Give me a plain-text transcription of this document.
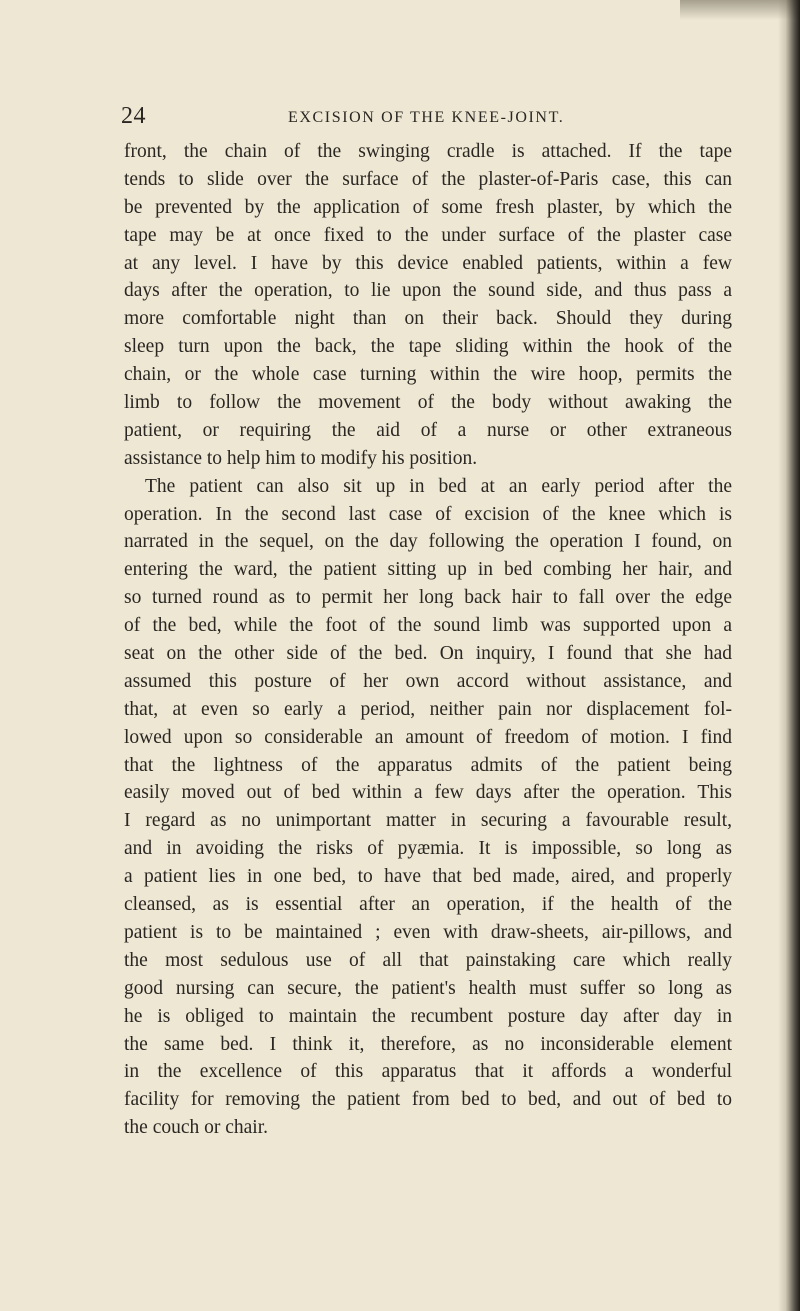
24	EXCISION OF THE KNEE-JOINT.
front, the chain of the swinging cradle is attached. If the tape
tends to slide over the surface of the plaster-of-Paris case, this can
be prevented by the application of some fresh plaster, by which the
tape may be at once fixed to the under surface of the plaster case
at any level. I have by this device enabled patients, within a few
days after the operation, to lie upon the sound side, and thus pass a
more comfortable night than on their back. Should they during
sleep turn upon the back, the tape sliding within the hook of the
chain, or the whole case turning within the wire hoop, permits the
limb to follow the movement of the body without awaking the
patient, or requiring the aid of a nurse or other extraneous
assistance to help him to modify his position.
The patient can also sit up in bed at an early period after the
operation. In the second last case of excision of the knee which is
narrated in the sequel, on the day following the operation I found, on
entering the ward, the patient sitting up in bed combing her hair, and
so turned round as to permit her long back hair to fall over the edge
of the bed, while the foot of the sound limb was supported upon a
seat on the other side of the bed. On inquiry, I found that she had
assumed this posture of her own accord without assistance, and
that, at even so early a period, neither pain nor displacement fol-
lowed upon so considerable an amount of freedom of motion. I find
that the lightness of the apparatus admits of the patient being
easily moved out of bed within a few days after the operation. This
I regard as no unimportant matter in securing a favourable result,
and in avoiding the risks of pyæmia. It is impossible, so long as
a patient lies in one bed, to have that bed made, aired, and properly
cleansed, as is essential after an operation, if the health of the
patient is to be maintained ; even with draw-sheets, air-pillows, and
the most sedulous use of all that painstaking care which really
good nursing can secure, the patient's health must suffer so long as
he is obliged to maintain the recumbent posture day after day in
the same bed. I think it, therefore, as no inconsiderable element
in the excellence of this apparatus that it affords a wonderful
facility for removing the patient from bed to bed, and out of bed to
the couch or chair.
